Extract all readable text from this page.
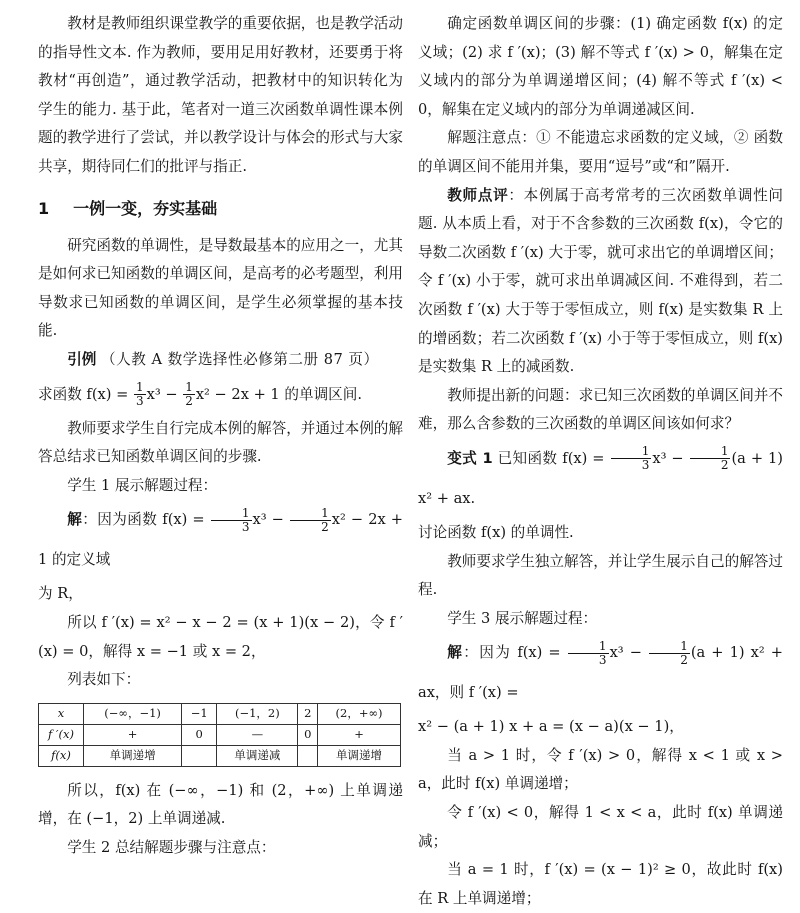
教材是教师组织课堂教学的重要依据，也是教学活动的指导性文本. 作为教师，要用足用好教材，还要勇于将教材“再创造”，通过教学活动，把教材中的知识转化为学生的能力. 基于此，笔者对一道三次函数单调性课本例题的教学进行了尝试，并以教学设计与体会的形式与大家共享，期待同仁们的批评与指正.

1 一例一变，夯实基础

研究函数的单调性，是导数最基本的应用之一，尤其是如何求已知函数的单调区间，是高考的必考题型，利用导数求已知函数的单调区间，是学生必须掌握的基本技能.

引例 （人教 A 数学选择性必修第二册 87 页）

求函数 $f(x) = \frac{1}{3} x^3 - \frac{1}{2} x^2 - 2x + 1$ 的单调区间.

教师要求学生自行完成本例的解答，并通过本例的解答总结求已知函数单调区间的步骤.

学生 1 展示解题过程：

解：因为函数 $f(x) = \frac{1}{3} x^3 - \frac{1}{2} x^2 - 2x + 1$ 的定义域

为 R，

所以 f ′(x) = x² − x − 2 = (x + 1)(x − 2)，令 f ′(x) = 0，解得 x = −1 或 x = 2，

列表如下：

x	(−∞，−1)	−1	(−1，2)	2	(2，+∞)
f ′(x)	+	0	—	0	+
f(x)	单调递增		单调递减		单调递增

所以，f(x) 在 (−∞，−1) 和 (2，+∞) 上单调递增，在 (−1，2) 上单调递减.

学生 2 总结解题步骤与注意点：

确定函数单调区间的步骤：(1) 确定函数 f(x) 的定义域；(2) 求 f ′(x)；(3) 解不等式 f ′(x) > 0，解集在定义域内的部分为单调递增区间；(4) 解不等式 f ′(x) < 0，解集在定义域内的部分为单调递减区间.

解题注意点：① 不能遗忘求函数的定义域，② 函数的单调区间不能用并集，要用“逗号”或“和”隔开.

教师点评：本例属于高考常考的三次函数单调性问题. 从本质上看，对于不含参数的三次函数 f(x)，令它的导数二次函数 f ′(x) 大于零，就可求出它的单调增区间；令 f ′(x) 小于零，就可求出单调减区间. 不难得到，若二次函数 f ′(x) 大于等于零恒成立，则 f(x) 是实数集 R 上的增函数；若二次函数 f ′(x) 小于等于零恒成立，则 f(x) 是实数集 R 上的减函数.

教师提出新的问题：求已知三次函数的单调区间并不难，那么含参数的三次函数的单调区间该如何求？

变式 1 已知函数 $f(x) = \frac{1}{3} x^3 - \frac{1}{2} (a + 1) x^2$ + ax.

讨论函数 f(x) 的单调性.

教师要求学生独立解答，并让学生展示自己的解答过程.

学生 3 展示解题过程：

解：因为 $f(x) = \frac{1}{3} x^3 - \frac{1}{2} (a + 1) x^2$ + ax，则 f ′(x) =

x² − (a + 1) x + a = (x − a)(x − 1)，

当 a > 1 时，令 f ′(x) > 0，解得 x < 1 或 x > a，此时 f(x) 单调递增；

令 f ′(x) < 0，解得 1 < x < a，此时 f(x) 单调递减；

当 a = 1 时，f ′(x) = (x − 1)² ≥ 0，故此时 f(x) 在 R 上单调递增；
